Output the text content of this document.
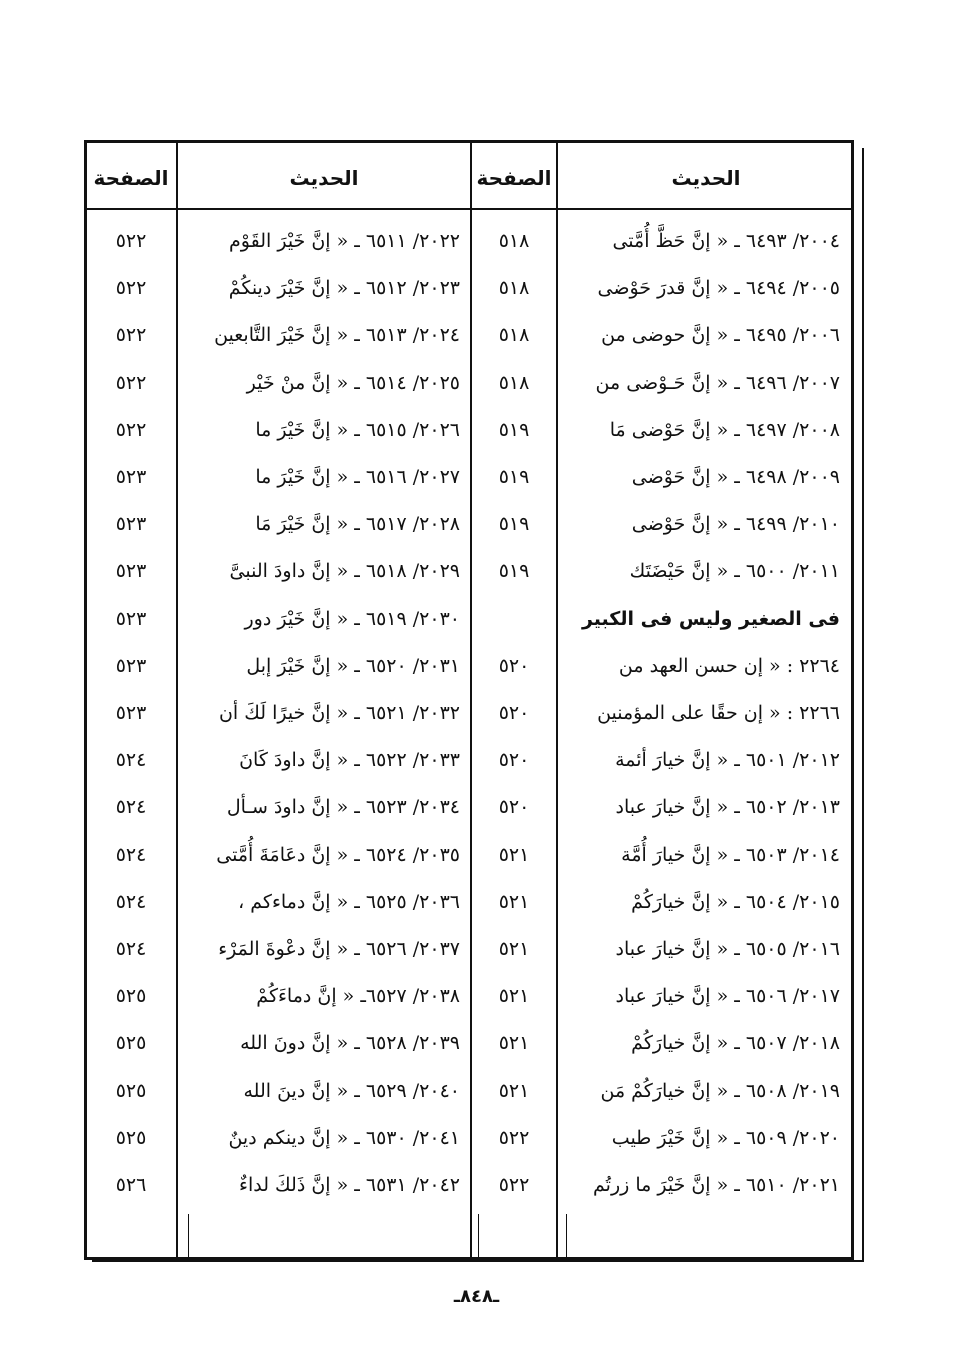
الحديث
الصفحة
الحديث
الصفحة
٢٠٠٤/ ٦٤٩٣ ـ « إنَّ حَظَّ أُمَّتى
٥١٨
٢٠٠٥/ ٦٤٩٤ ـ « إنَّ قدرَ حَوْضى
٥١٨
٢٠٠٦/ ٦٤٩٥ ـ « إنَّ حوضى من
٥١٨
٢٠٠٧/ ٦٤٩٦ ـ « إنَّ حَـوْضى من
٥١٨
٢٠٠٨/ ٦٤٩٧ ـ « إنَّ حَوْضى مَا
٥١٩
٢٠٠٩/ ٦٤٩٨ ـ « إنَّ حَوْضى
٥١٩
٢٠١٠/ ٦٤٩٩ ـ « إنَّ حَوْضى
٥١٩
٢٠١١/ ٦٥٠٠ ـ « إنَّ حَيْضَتَك
٥١٩
فى الصغير وليس فى الكبير
٢٢٦٤ : « إن حسن العهد من
٥٢٠
٢٢٦٦ : « إن حقًا على المؤمنين
٥٢٠
٢٠١٢/ ٦٥٠١ ـ « إنَّ خيارَ أئمة
٥٢٠
٢٠١٣/ ٦٥٠٢ ـ « إنَّ خيارَ عباد
٥٢٠
٢٠١٤/ ٦٥٠٣ ـ « إنَّ خيارَ أُمَّة
٥٢١
٢٠١٥/ ٦٥٠٤ ـ « إنَّ خيارَكُمْ
٥٢١
٢٠١٦/ ٦٥٠٥ ـ « إنَّ خيارَ عباد
٥٢١
٢٠١٧/ ٦٥٠٦ ـ « إنَّ خيارَ عباد
٥٢١
٢٠١٨/ ٦٥٠٧ ـ « إنَّ خيارَكُمْ
٥٢١
٢٠١٩/ ٦٥٠٨ ـ « إنَّ خيارَكُمْ مَن
٥٢١
٢٠٢٠/ ٦٥٠٩ ـ « إنَّ خَيْرَ طيب
٥٢٢
٢٠٢١/ ٦٥١٠ ـ « إنَّ خَيْرَ ما زرتُم
٥٢٢
٢٠٢٢/ ٦٥١١ ـ « إنَّ خَيْرَ القَوْم
٥٢٢
٢٠٢٣/ ٦٥١٢ ـ « إنَّ خَيْرَ دينكُمْ
٥٢٢
٢٠٢٤/ ٦٥١٣ ـ « إنَّ خَيْرَ التَّابعين
٥٢٢
٢٠٢٥/ ٦٥١٤ ـ « إنَّ منْ خَيْر
٥٢٢
٢٠٢٦/ ٦٥١٥ ـ « إنَّ خَيْرَ ما
٥٢٢
٢٠٢٧/ ٦٥١٦ ـ « إنَّ خَيْرَ ما
٥٢٣
٢٠٢٨/ ٦٥١٧ ـ « إنَّ خَيْرَ مَا
٥٢٣
٢٠٢٩/ ٦٥١٨ ـ « إنَّ داودَ النبىَّ
٥٢٣
٢٠٣٠/ ٦٥١٩ ـ « إنَّ خَيْرَ دور
٥٢٣
٢٠٣١/ ٦٥٢٠ ـ « إنَّ خَيْرَ إبل
٥٢٣
٢٠٣٢/ ٦٥٢١ ـ « إنَّ خيرًا لَكَ أن
٥٢٣
٢٠٣٣/ ٦٥٢٢ ـ « إنَّ داودَ كَانَ
٥٢٤
٢٠٣٤/ ٦٥٢٣ ـ « إنَّ داودَ سـأل
٥٢٤
٢٠٣٥/ ٦٥٢٤ ـ « إنَّ دعَامَةَ أُمَّتى
٥٢٤
٢٠٣٦/ ٦٥٢٥ ـ « إنَّ دماءكم ،
٥٢٤
٢٠٣٧/ ٦٥٢٦ ـ « إنَّ دعْوةَ المَرْء
٥٢٤
٢٠٣٨/ ٦٥٢٧ـ « إنَّ دماءَكُمْ
٥٢٥
٢٠٣٩/ ٦٥٢٨ ـ « إنَّ دونَ الله
٥٢٥
٢٠٤٠/ ٦٥٢٩ ـ « إنَّ دينَ الله
٥٢٥
٢٠٤١/ ٦٥٣٠ ـ « إنَّ دينكم دينٌ
٥٢٥
٢٠٤٢/ ٦٥٣١ ـ « إنَّ ذَلكَ لداءٌ
٥٢٦
ـ٨٤٨ـ
